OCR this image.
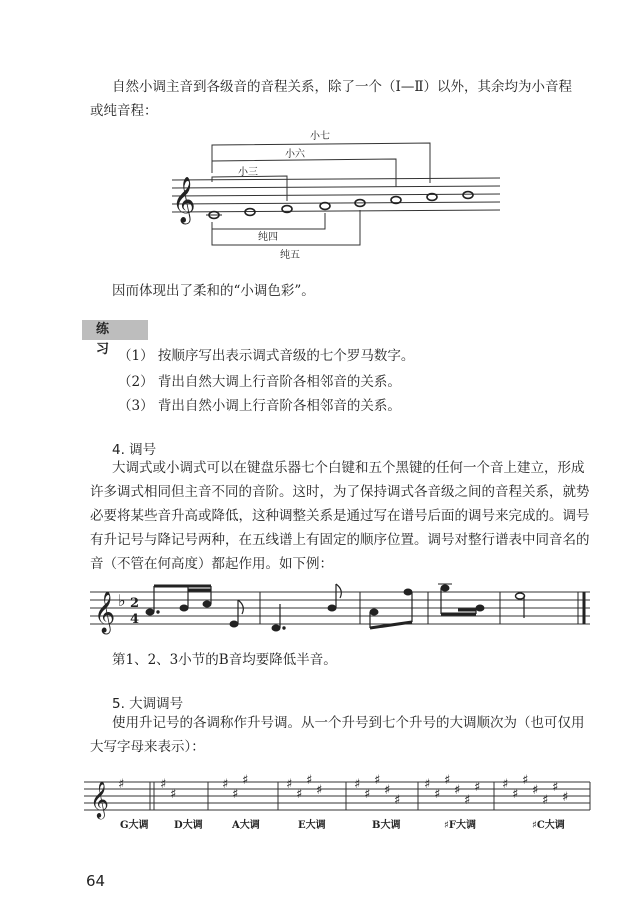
自然小调主音到各级音的音程关系，除了一个（Ⅰ—Ⅱ）以外，其余均为小音程
或纯音程：
𝄞
小七
小六
小三
纯四
纯五
因而体现出了柔和的“小调色彩”。
练 习 （1） 按顺序写出表示调式音级的七个罗马数字。
（2） 背出自然大调上行音阶各相邻音的关系。
（3） 背出自然小调上行音阶各相邻音的关系。
4. 调号
大调式或小调式可以在键盘乐器七个白键和五个黑键的任何一个音上建立，形成
许多调式相同但主音不同的音阶。这时，为了保持调式各音级之间的音程关系，就势
必要将某些音升高或降低，这种调整关系是通过写在谱号后面的调号来完成的。调号
有升记号与降记号两种，在五线谱上有固定的顺序位置。调号对整行谱表中同音名的
音（不管在何高度）都起作用。如下例：
𝄞 ♭ 2
4
第1、2、3小节的B音均要降低半音。
5. 大调调号
使用升记号的各调称作升号调。从一个升号到七个升号的大调顺次为（也可仅用
大写字母来表示）：
𝄞 ♯	♯
♯
♯
♯
♯	♯
♯
♯
♯ ♯
♯
♯
♯
♯
♯
♯
♯
♯
♯
♯ ♯
♯
♯
♯
♯
♯
♯
G大调	D大调	A大调	E大调	B大调	♯F大调	♯C大调
64
